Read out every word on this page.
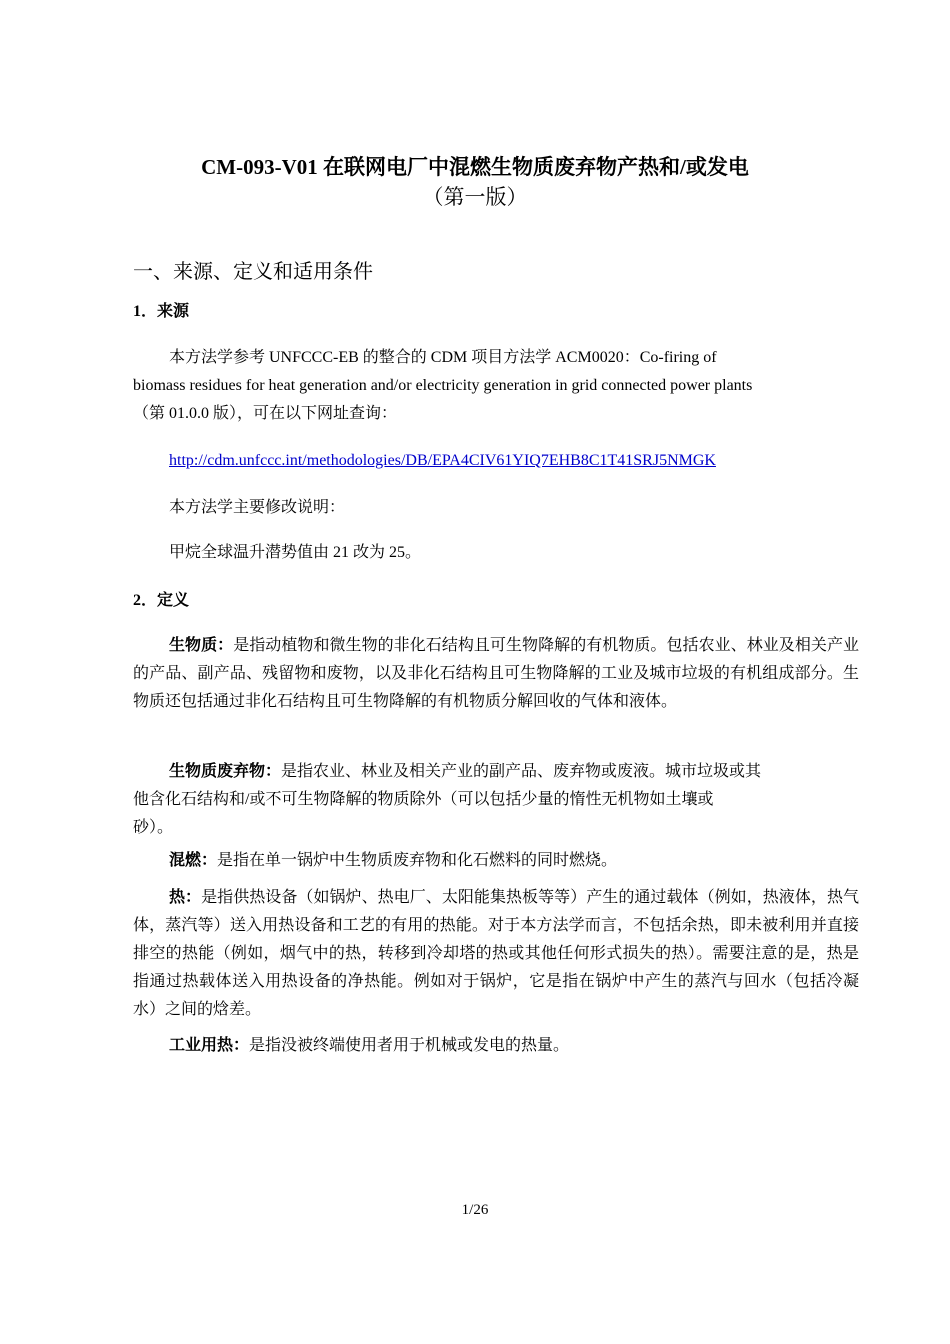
CM-093-V01 在联网电厂中混燃生物质废弃物产热和/或发电
（第一版）
一、来源、定义和适用条件
1．来源
本方法学参考 UNFCCC-EB 的整合的 CDM 项目方法学 ACM0020：Co-firing of
biomass residues for heat generation and/or electricity generation in grid connected power plants
（第 01.0.0 版），可在以下网址查询：
http://cdm.unfccc.int/methodologies/DB/EPA4CIV61YIQ7EHB8C1T41SRJ5NMGK
本方法学主要修改说明：
甲烷全球温升潜势值由 21 改为 25。
2．定义
生物质：是指动植物和微生物的非化石结构且可生物降解的有机物质。包括农业、林业及相关产业的产品、副产品、残留物和废物，以及非化石结构且可生物降解的工业及城市垃圾的有机组成部分。生物质还包括通过非化石结构且可生物降解的有机物质分解回收的气体和液体。
生物质废弃物：是指农业、林业及相关产业的副产品、废弃物或废液。城市垃圾或其
他含化石结构和/或不可生物降解的物质除外（可以包括少量的惰性无机物如土壤或
砂）。
混燃：是指在单一锅炉中生物质废弃物和化石燃料的同时燃烧。
热：是指供热设备（如锅炉、热电厂、太阳能集热板等等）产生的通过载体（例如，热液体，热气体，蒸汽等）送入用热设备和工艺的有用的热能。对于本方法学而言，不包括余热，即未被利用并直接排空的热能（例如，烟气中的热，转移到冷却塔的热或其他任何形式损失的热）。需要注意的是，热是指通过热载体送入用热设备的净热能。例如对于锅炉，它是指在锅炉中产生的蒸汽与回水（包括冷凝水）之间的焓差。
工业用热：是指没被终端使用者用于机械或发电的热量。
1/26
